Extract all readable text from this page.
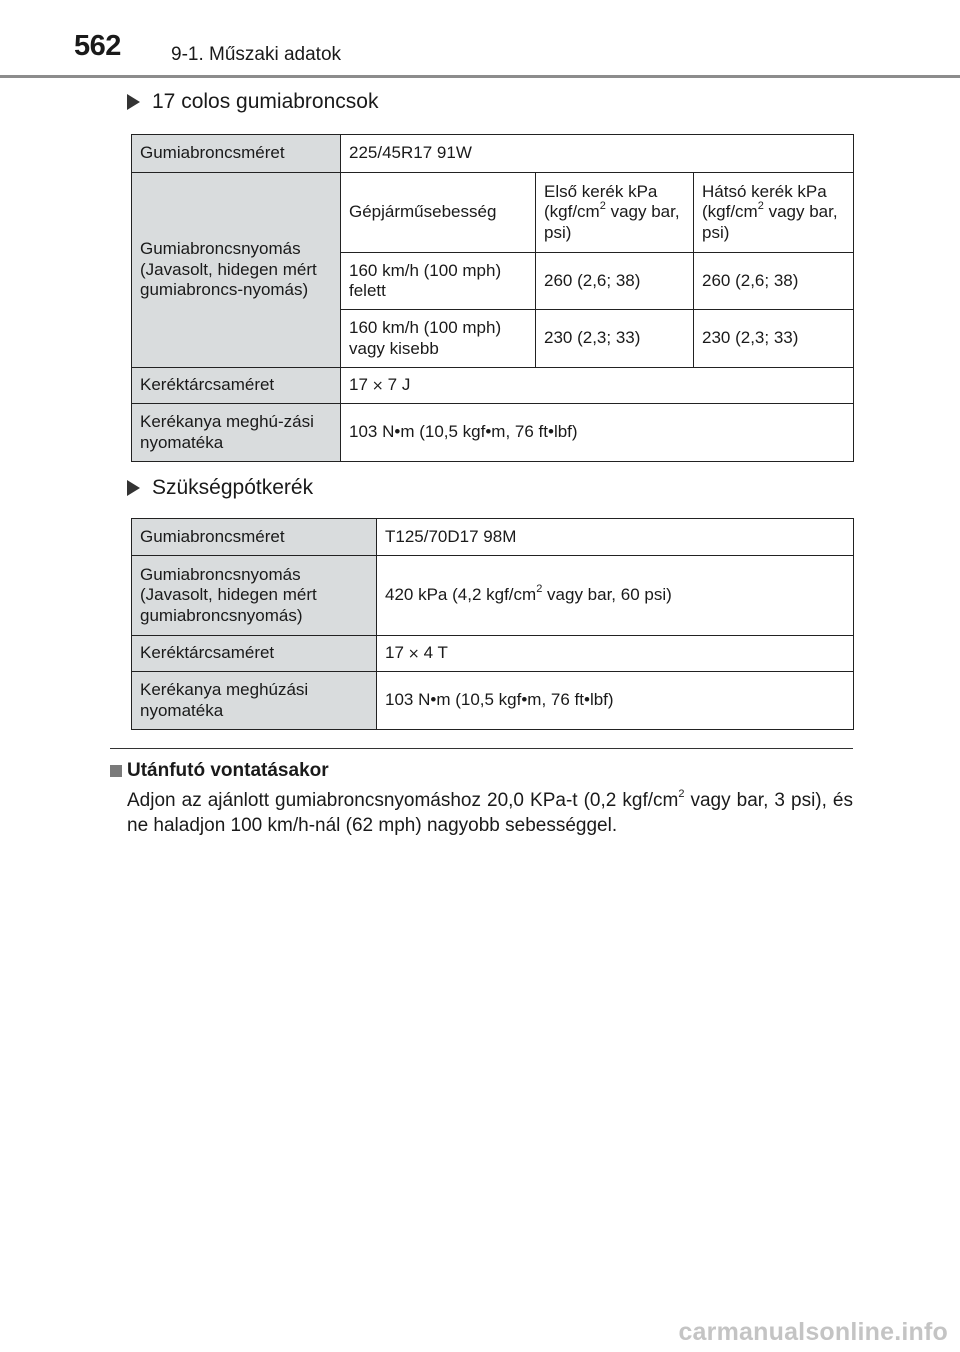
562	9-1. Műszaki adatok
17 colos gumiabroncsok
Gumiabroncsméret	225/45R17 91W		
Gumiabroncsnyomás (Javasolt, hidegen mért gumiabroncs-nyomás)	Gépjárműsebesség	Első kerék kPa ($kgf/cm^2$ vagy bar, psi)	Hátsó kerék kPa ($kgf/cm^2$ vagy bar, psi)
	160 km/h (100 mph) felett	260 (2,6; 38)	260 (2,6; 38)
	160 km/h (100 mph) vagy kisebb	230 (2,3; 33)	230 (2,3; 33)
Keréktárcsaméret	17 × 7 J		
Kerékanya meghú-zási nyomatéka	103 N•m (10,5 kgf•m, 76 ft•lbf)		
Szükségpótkerék
Gumiabroncsméret	T125/70D17 98M
Gumiabroncsnyomás (Javasolt, hidegen mért gumiabroncsnyomás)	420 kPa (4,2 kgf/$cm^2$ vagy bar, 60 psi)
Keréktárcsaméret	17 × 4 T
Kerékanya meghúzási nyomatéka	103 N•m (10,5 kgf•m, 76 ft•lbf)
Utánfutó vontatásakor
Adjon az ajánlott gumiabroncsnyomáshoz 20,0 KPa-t (0,2 kgf/$cm^2$ vagy bar, 3 psi), és ne haladjon 100 km/h-nál (62 mph) nagyobb sebességgel.
carmanualsonline.info
